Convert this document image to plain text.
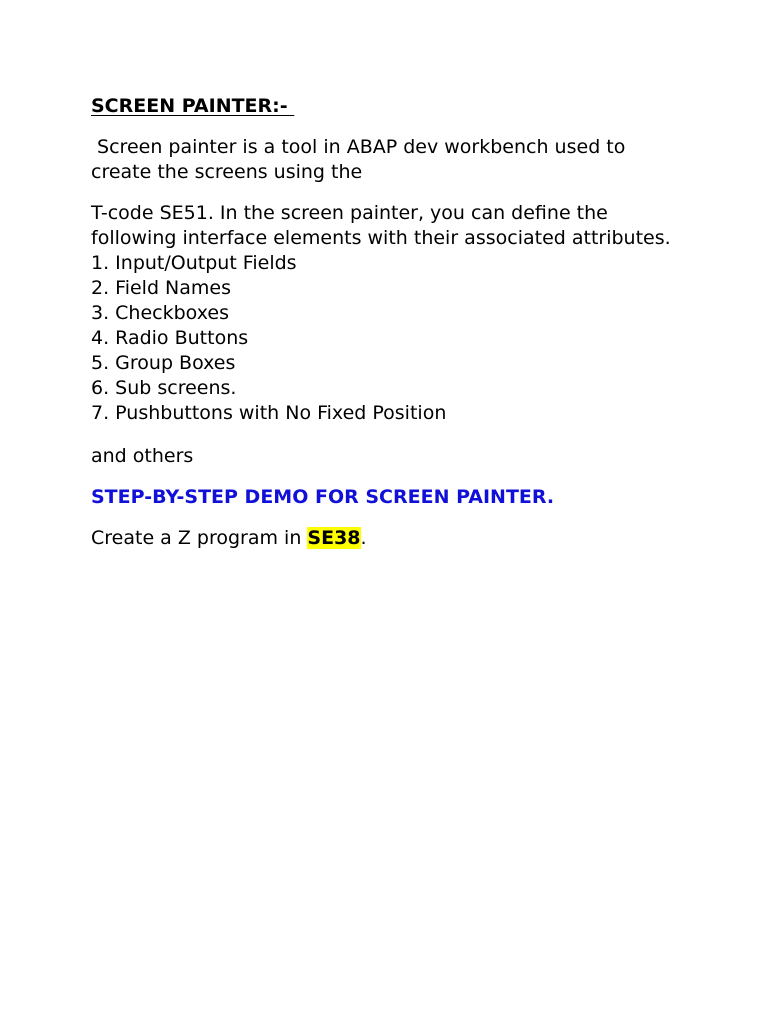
SCREEN PAINTER:-
Screen painter is a tool in ABAP dev workbench used to create the screens using the
T-code SE51. In the screen painter, you can define the following interface elements with their associated attributes.
1. Input/Output Fields
2. Field Names
3. Checkboxes
4. Radio Buttons
5. Group Boxes
6. Sub screens.
7. Pushbuttons with No Fixed Position
and others
STEP-BY-STEP DEMO FOR SCREEN PAINTER.
Create a Z program in SE38.
